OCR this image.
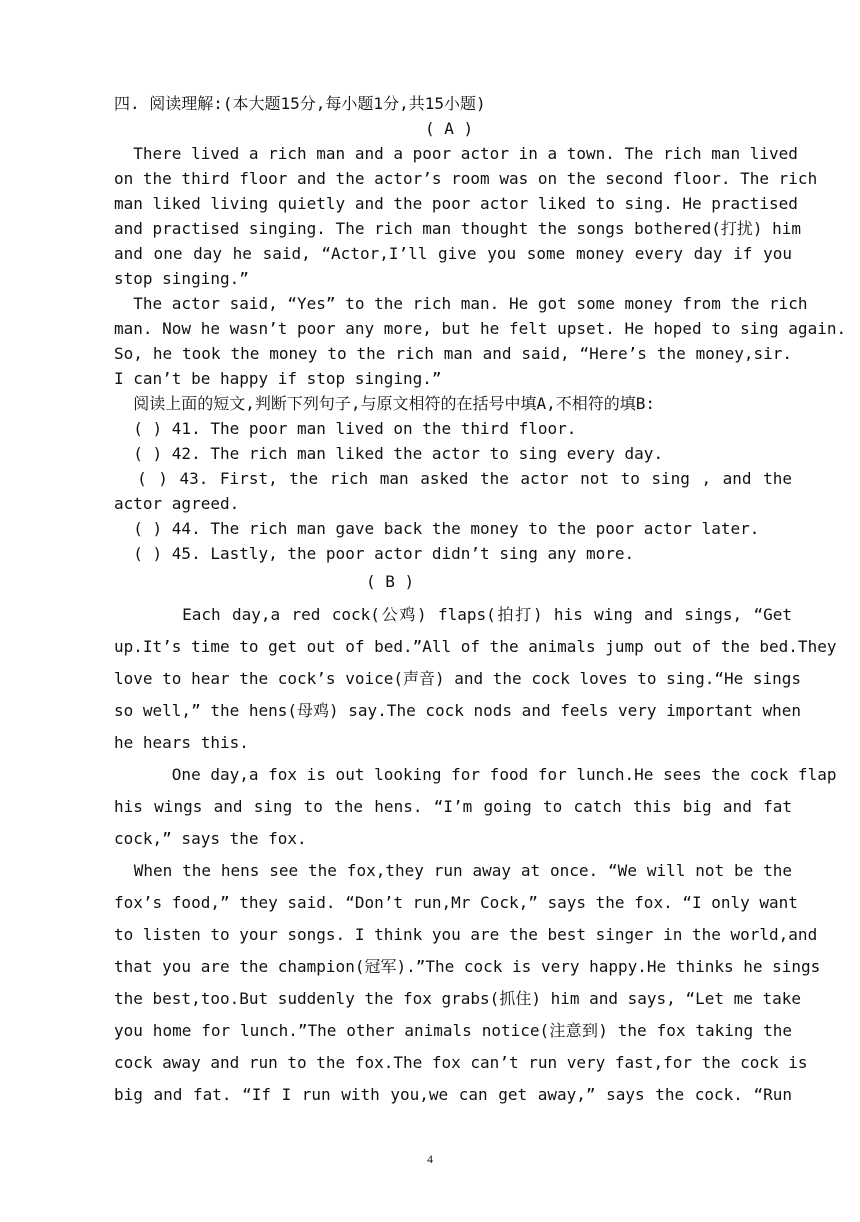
四. 阅读理解:(本大题15分,每小题1分,共15小题)
( A )
There lived a rich man and a poor actor in a town. The rich man lived
on the third floor and the actor’s room was on the second floor. The rich
man liked living quietly and the poor actor liked to sing. He practised
and practised singing. The rich man thought the songs bothered(打扰) him
and one day he said, “Actor,I’ll give you some money every day if you
stop singing.”
The actor said, “Yes” to the rich man. He got some money from the rich
man. Now he wasn’t poor any more, but he felt upset. He hoped to sing again.
So, he took the money to the rich man and said, “Here’s the money,sir.
I can’t be happy if stop singing.”
阅读上面的短文,判断下列句子,与原文相符的在括号中填A,不相符的填B:
( ) 41. The poor man lived on the third floor.
( ) 42. The rich man liked the actor to sing every day.
( ) 43. First, the rich man asked the actor not to sing , and the
actor agreed.
( ) 44. The rich man gave back the money to the poor actor later.
( ) 45. Lastly, the poor actor didn’t sing any more.
( B )
Each day,a red cock(公鸡) flaps(拍打) his wing and sings, “Get
up.It’s time to get out of bed.”All of the animals jump out of the bed.They
love to hear the cock’s voice(声音) and the cock loves to sing.“He sings
so well,” the hens(母鸡) say.The cock nods and feels very important when
he hears this.
One day,a fox is out looking for food for lunch.He sees the cock flap
his wings and sing to the hens. “I’m going to catch this big and fat
cock,” says the fox.
When the hens see the fox,they run away at once. “We will not be the
fox’s food,” they said. “Don’t run,Mr Cock,” says the fox. “I only want
to listen to your songs. I think you are the best singer in the world,and
that you are the champion(冠军).”The cock is very happy.He thinks he sings
the best,too.But suddenly the fox grabs(抓住) him and says, “Let me take
you home for lunch.”The other animals notice(注意到) the fox taking the
cock away and run to the fox.The fox can’t run very fast,for the cock is
big and fat. “If I run with you,we can get away,” says the cock. “Run
4
